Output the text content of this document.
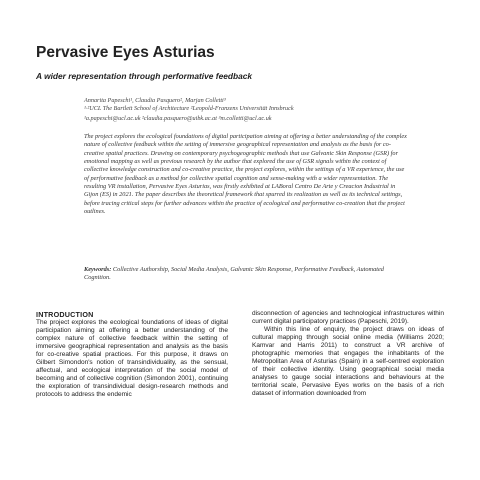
Pervasive Eyes Asturias
A wider representation through performative feedback
Annarita Papeschi¹, Claudia Pasquero², Marjan Colletti³
¹·²UCL The Bartlett School of Architecture ²Leopold-Franzens Universität Innsbruck
¹a.papeschi@ucl.ac.uk ²claudia.pasquero@uibk.ac.at ³m.colletti@ucl.ac.uk
The project explores the ecological foundations of digital participation aiming at offering a better understanding of the complex nature of collective feedback within the setting of immersive geographical representation and analysis as the basis for co-creative spatial practices. Drawing on contemporary psychogeographic methods that use Galvanic Skin Response (GSR) for emotional mapping as well as previous research by the author that explored the use of GSR signals within the context of collective knowledge construction and co-creative practice, the project explores, within the settings of a VR experience, the use of performative feedback as a method for collective spatial cognition and sense-making with a wider representation. The resulting VR installation, Pervasive Eyes Asturias, was firstly exhibited at LABoral Centro De Arte y Creacion Industrial in Gijon (ES) in 2021. The paper describes the theoretical framework that spurred its realization as well as its technical settings, before tracing critical steps for further advances within the practice of ecological and performative co-creation that the project outlines.
Keywords: Collective Authorship, Social Media Analysis, Galvanic Skin Response, Performative Feedback, Automated Cognition.
INTRODUCTION

The project explores the ecological foundations of ideas of digital participation aiming at offering a better understanding of the complex nature of collective feedback within the setting of immersive geographical representation and analysis as the basis for co-creative spatial practices. For this purpose, it draws on Gilbert Simondon's notion of transindividuality, as the sensual, affectual, and ecological interpretation of the social model of becoming and of collective cognition (Simondon 2001), continuing the exploration of transindividual design-research methods and protocols to address the endemic

disconnection of agencies and technological infrastructures within current digital participatory practices (Papeschi, 2019).

Within this line of enquiry, the project draws on ideas of cultural mapping through social online media (Williams 2020; Kamvar and Harris 2011) to construct a VR archive of photographic memories that engages the inhabitants of the Metropolitan Area of Asturias (Spain) in a self-centred exploration of their collective identity. Using geographical social media analyses to gauge social interactions and behaviours at the territorial scale, Pervasive Eyes works on the basis of a rich dataset of information downloaded from
